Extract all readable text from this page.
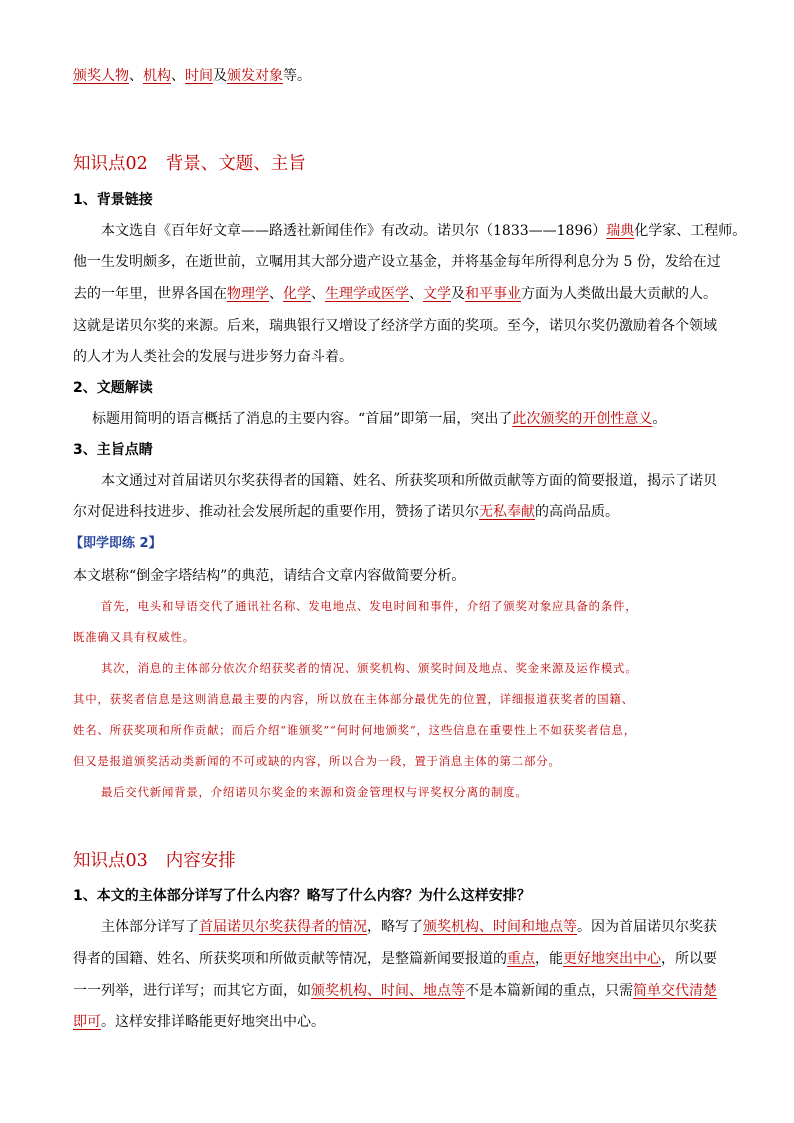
颁奖人物、机构、时间及颁发对象等。
知识点02 背景、文题、主旨
1、背景链接
本文选自《百年好文章——路透社新闻佳作》有改动。诺贝尔（1833——1896）瑞典化学家、工程师。
他一生发明颇多，在逝世前，立嘱用其大部分遗产设立基金，并将基金每年所得利息分为 5 份，发给在过
去的一年里，世界各国在物理学、化学、生理学或医学、文学及和平事业方面为人类做出最大贡献的人。
这就是诺贝尔奖的来源。后来，瑞典银行又增设了经济学方面的奖项。至今，诺贝尔奖仍激励着各个领域
的人才为人类社会的发展与进步努力奋斗着。
2、文题解读
标题用简明的语言概括了消息的主要内容。“首届”即第一届，突出了此次颁奖的开创性意义。
3、主旨点睛
本文通过对首届诺贝尔奖获得者的国籍、姓名、所获奖项和所做贡献等方面的简要报道，揭示了诺贝
尔对促进科技进步、推动社会发展所起的重要作用，赞扬了诺贝尔无私奉献的高尚品质。
【即学即练 2】
本文堪称“倒金字塔结构”的典范，请结合文章内容做简要分析。
首先，电头和导语交代了通讯社名称、发电地点、发电时间和事件，介绍了颁奖对象应具备的条件，
既准确又具有权威性。
其次，消息的主体部分依次介绍获奖者的情况、颁奖机构、颁奖时间及地点、奖金来源及运作模式。
其中，获奖者信息是这则消息最主要的内容，所以放在主体部分最优先的位置，详细报道获奖者的国籍、
姓名、所获奖项和所作贡献；而后介绍“谁颁奖”“何时何地颁奖”，这些信息在重要性上不如获奖者信息，
但又是报道颁奖活动类新闻的不可或缺的内容，所以合为一段，置于消息主体的第二部分。
最后交代新闻背景，介绍诺贝尔奖金的来源和资金管理权与评奖权分离的制度。
知识点03 内容安排
1、本文的主体部分详写了什么内容？略写了什么内容？为什么这样安排？
主体部分详写了首届诺贝尔奖获得者的情况，略写了颁奖机构、时间和地点等。因为首届诺贝尔奖获
得者的国籍、姓名、所获奖项和所做贡献等情况，是整篇新闻要报道的重点，能更好地突出中心，所以要
一一列举，进行详写；而其它方面，如颁奖机构、时间、地点等不是本篇新闻的重点，只需简单交代清楚
即可。这样安排详略能更好地突出中心。
